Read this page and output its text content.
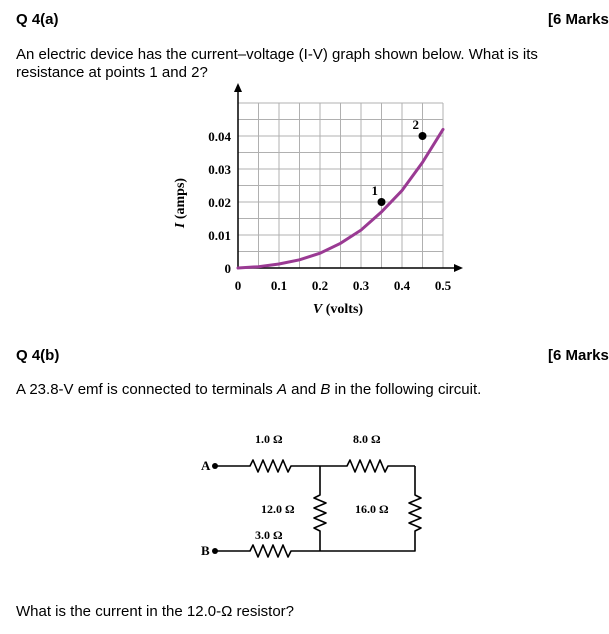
Q 4(a)	[6 Marks
An electric device has the current–voltage (I-V) graph shown below. What is its
resistance at points 1 and 2?
0 0.1 0.2 0.3 0.4 0.5
0
0.01
0.02
0.03
0.04
1
2
I (amps)
V (volts)
Q 4(b)	[6 Marks
A 23.8-V emf is connected to terminals A and B in the following circuit.
A
B
1.0 Ω	8.0 Ω
12.0 Ω	16.0 Ω
3.0 Ω
What is the current in the 12.0-Ω resistor?
